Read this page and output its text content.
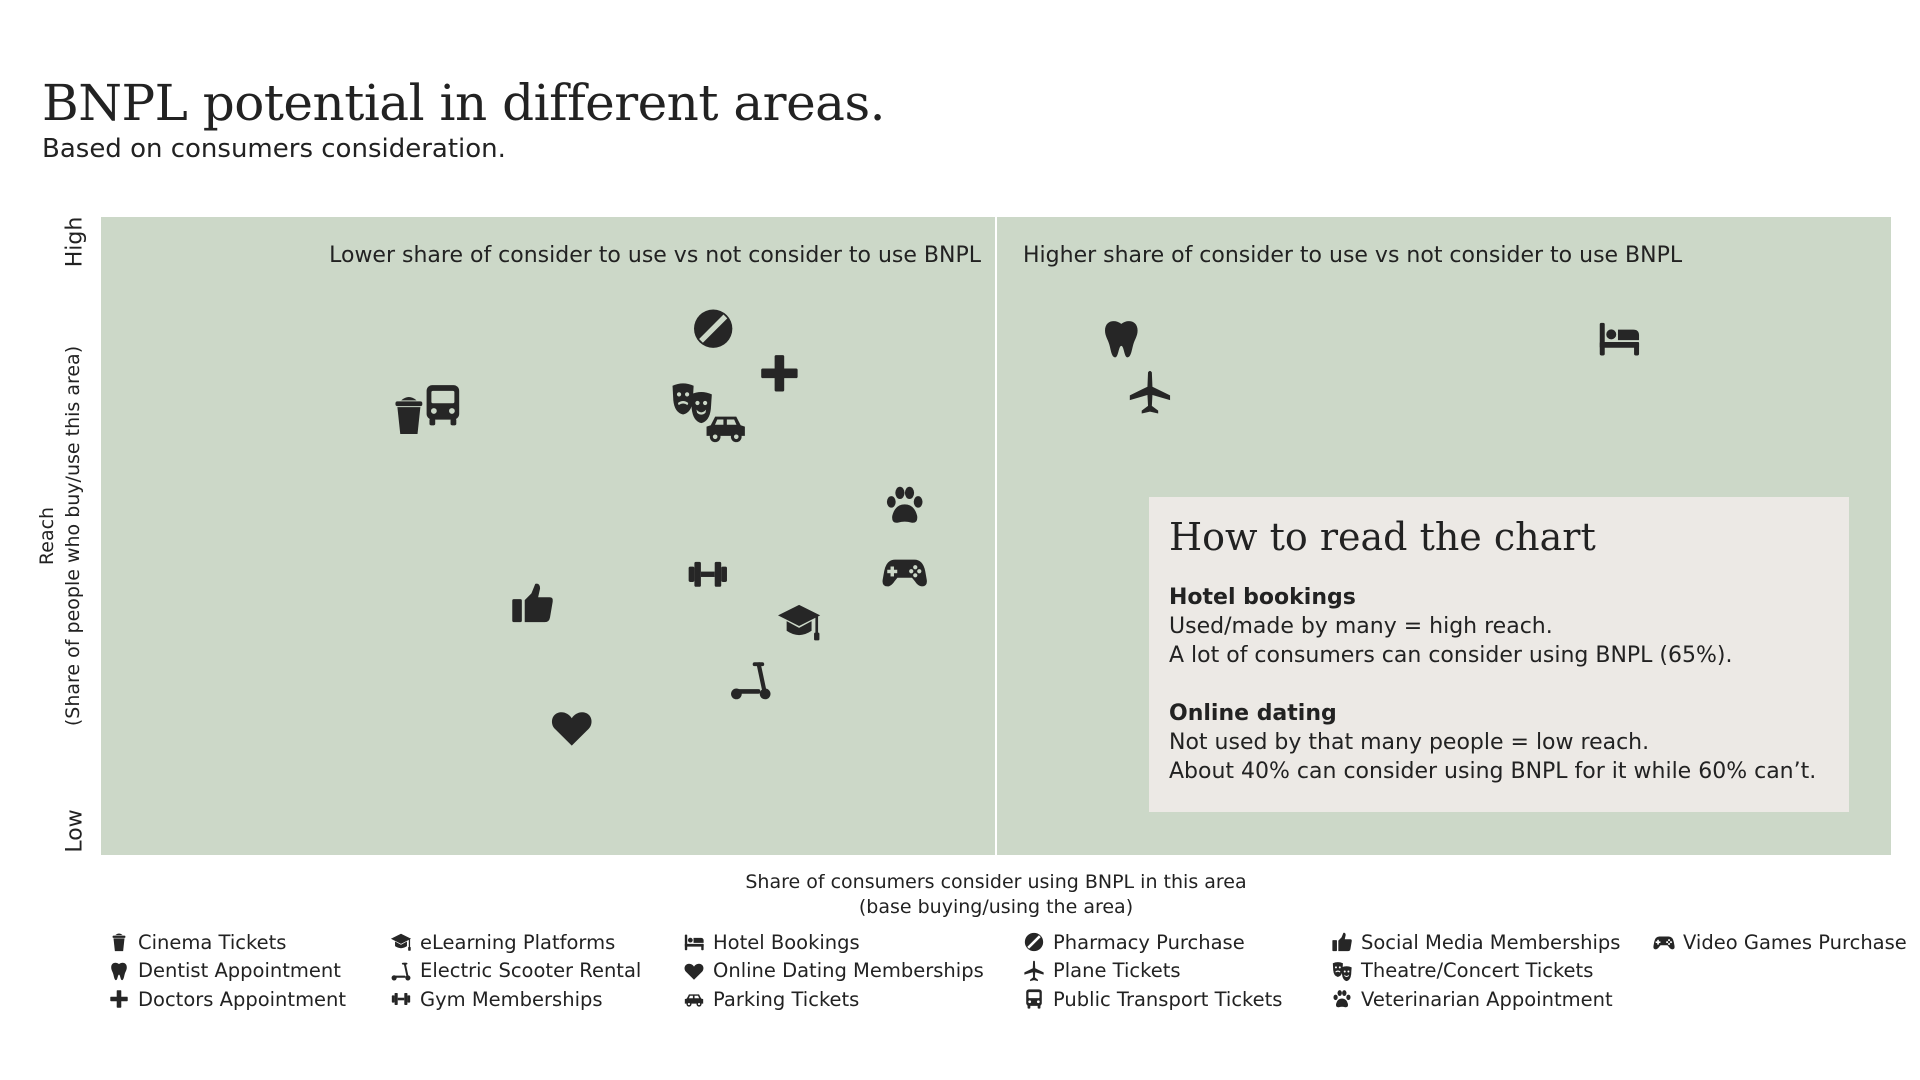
BNPL potential in different areas.
Based on consumers consideration.
High
Low
Reach (Share of people who buy/use this area)
Lower share of consider to use vs not consider to use BNPL Higher share of consider to use vs not consider to use BNPL
How to read the chart
Hotel bookings
Used/made by many = high reach.
A lot of consumers can consider using BNPL (65%).
Online dating
Not used by that many people = low reach.
About 40% can consider using BNPL for it while 60% can’t.
Share of consumers consider using BNPL in this area
(base buying/using the area)
Cinema Tickets
Dentist Appointment
Doctors Appointment
eLearning Platforms
Electric Scooter Rental
Gym Memberships
Hotel Bookings
Online Dating Memberships
Parking Tickets
Pharmacy Purchase
Plane Tickets
Public Transport Tickets
Social Media Memberships
Theatre/Concert Tickets
Veterinarian Appointment
Video Games Purchase
